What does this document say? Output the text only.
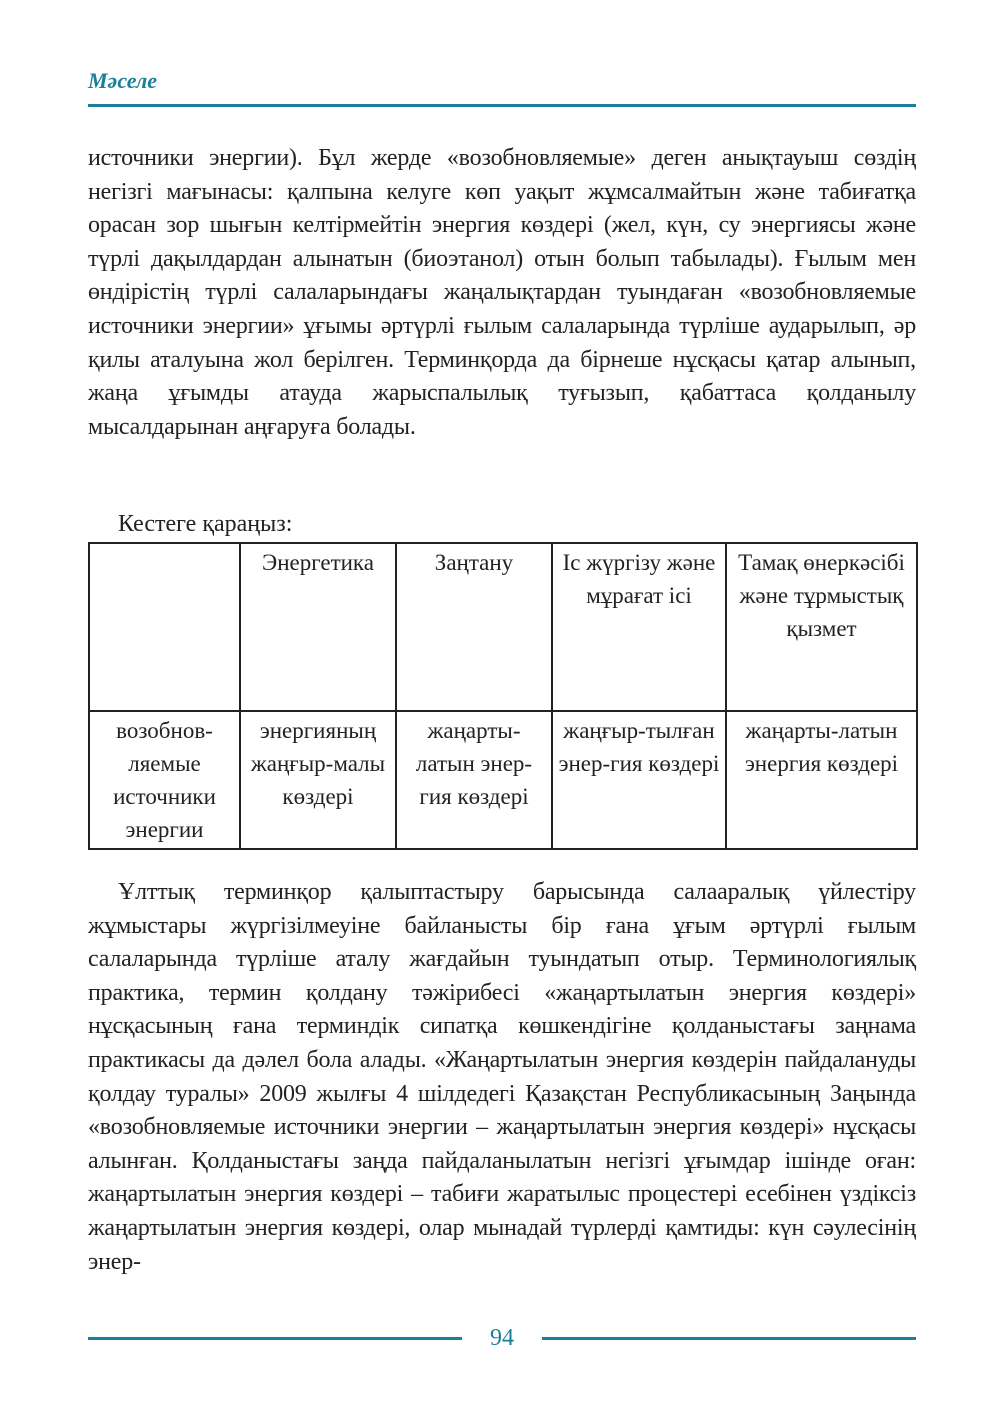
Мәселе

источники энергии). Бұл жерде «возобновляемые» деген анықтауыш сөздің негізгі мағынасы: қалпына келуге көп уақыт жұмсалмайтын және табиғатқа орасан зор шығын келтірмейтін энергия көздері (жел, күн, су энергиясы және түрлі дақылдардан алынатын (биоэтанол) отын болып табылады). Ғылым мен өндірістің түрлі салаларындағы жаңалықтардан туындаған «возобновляемые источники энергии» ұғымы әртүрлі ғылым салаларында түрліше аударылып, әр қилы аталуына жол берілген. Терминқорда да бірнеше нұсқасы қатар алынып, жаңа ұғымды атауда жарыспалылық туғызып, қабаттаса қолданылу мысалдарынан аңғаруға болады.

Кестеге қараңыз:
	Энергетика	Заңтану	Іс жүргізу және мұрағат ісі	Тамақ өнеркәсібі және тұрмыстық қызмет
возобнов-ляемые источники энергии	энергияның жаңғыр-малы көздері	жаңарты-латын энер-гия көздері	жаңғыр-тылған энер-гия көздері	жаңарты-латын энергия көздері

Ұлттық терминқор қалыптастыру барысында салааралық үйлестіру жұмыстары жүргізілмеуіне байланысты бір ғана ұғым әртүрлі ғылым салаларында түрліше аталу жағдайын туындатып отыр. Терминологиялық практика, термин қолдану тәжірибесі «жаңартылатын энергия көздері» нұсқасының ғана терминдік сипатқа көшкендігіне қолданыстағы заңнама практикасы да дәлел бола алады. «Жаңартылатын энергия көздерін пайдалануды қолдау туралы» 2009 жылғы 4 шілдедегі Қазақстан Республикасының Заңында «возобновляемые источники энергии – жаңартылатын энергия көздері» нұсқасы алынған. Қолданыстағы заңда пайдаланылатын негізгі ұғымдар ішінде оған: жаңартылатын энергия көздері – табиғи жаратылыс процестері есебінен үздіксіз жаңартылатын энергия көздері, олар мынадай түрлерді қамтиды: күн сәулесінің энер-

94
